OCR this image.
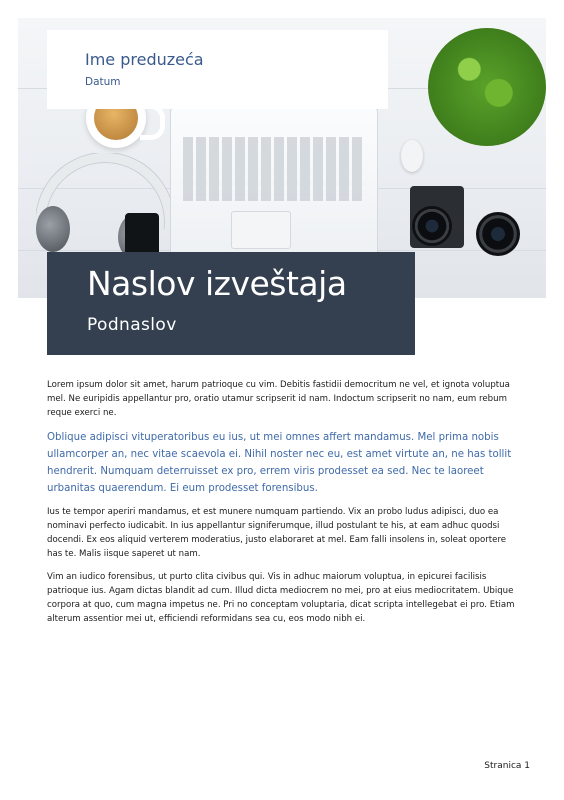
Ime preduzeća
Datum
Naslov izveštaja
Podnaslov

Lorem ipsum dolor sit amet, harum patrioque cu vim. Debitis fastidii democritum ne vel, et ignota voluptua mel. Ne euripidis appellantur pro, oratio utamur scripserit id nam. Indoctum scripserit no nam, eum rebum reque exerci ne.

Oblique adipisci vituperatoribus eu ius, ut mei omnes affert mandamus. Mel prima nobis ullamcorper an, nec vitae scaevola ei. Nihil noster nec eu, est amet virtute an, ne has tollit hendrerit. Numquam deterruisset ex pro, errem viris prodesset ea sed. Nec te laoreet urbanitas quaerendum. Ei eum prodesset forensibus.

Ius te tempor aperiri mandamus, et est munere numquam partiendo. Vix an probo ludus adipisci, duo ea nominavi perfecto iudicabit. In ius appellantur signiferumque, illud postulant te his, at eam adhuc quodsi docendi. Ex eos aliquid verterem moderatius, justo elaboraret at mel. Eam falli insolens in, soleat oportere has te. Malis iisque saperet ut nam.

Vim an iudico forensibus, ut purto clita civibus qui. Vis in adhuc maiorum voluptua, in epicurei facilisis patrioque ius. Agam dictas blandit ad cum. Illud dicta mediocrem no mei, pro at eius mediocritatem. Ubique corpora at quo, cum magna impetus ne. Pri no conceptam voluptaria, dicat scripta intellegebat ei pro. Etiam alterum assentior mei ut, efficiendi reformidans sea cu, eos modo nibh ei.

Stranica 1
